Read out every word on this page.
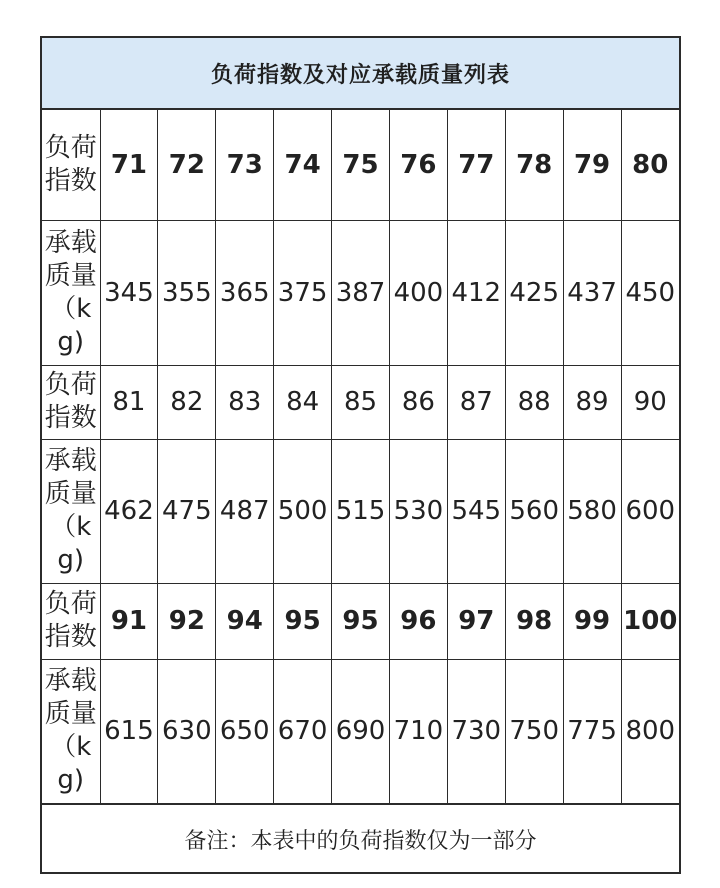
负荷指数及对应承载质量列表
负荷指数	71	72	73	74	75	76	77	78	79	80
承载质量（kg)	345	355	365	375	387	400	412	425	437	450
负荷指数	81	82	83	84	85	86	87	88	89	90
承载质量（kg)	462	475	487	500	515	530	545	560	580	600
负荷指数	91	92	94	95	95	96	97	98	99	100
承载质量（kg)	615	630	650	670	690	710	730	750	775	800
备注：本表中的负荷指数仅为一部分
